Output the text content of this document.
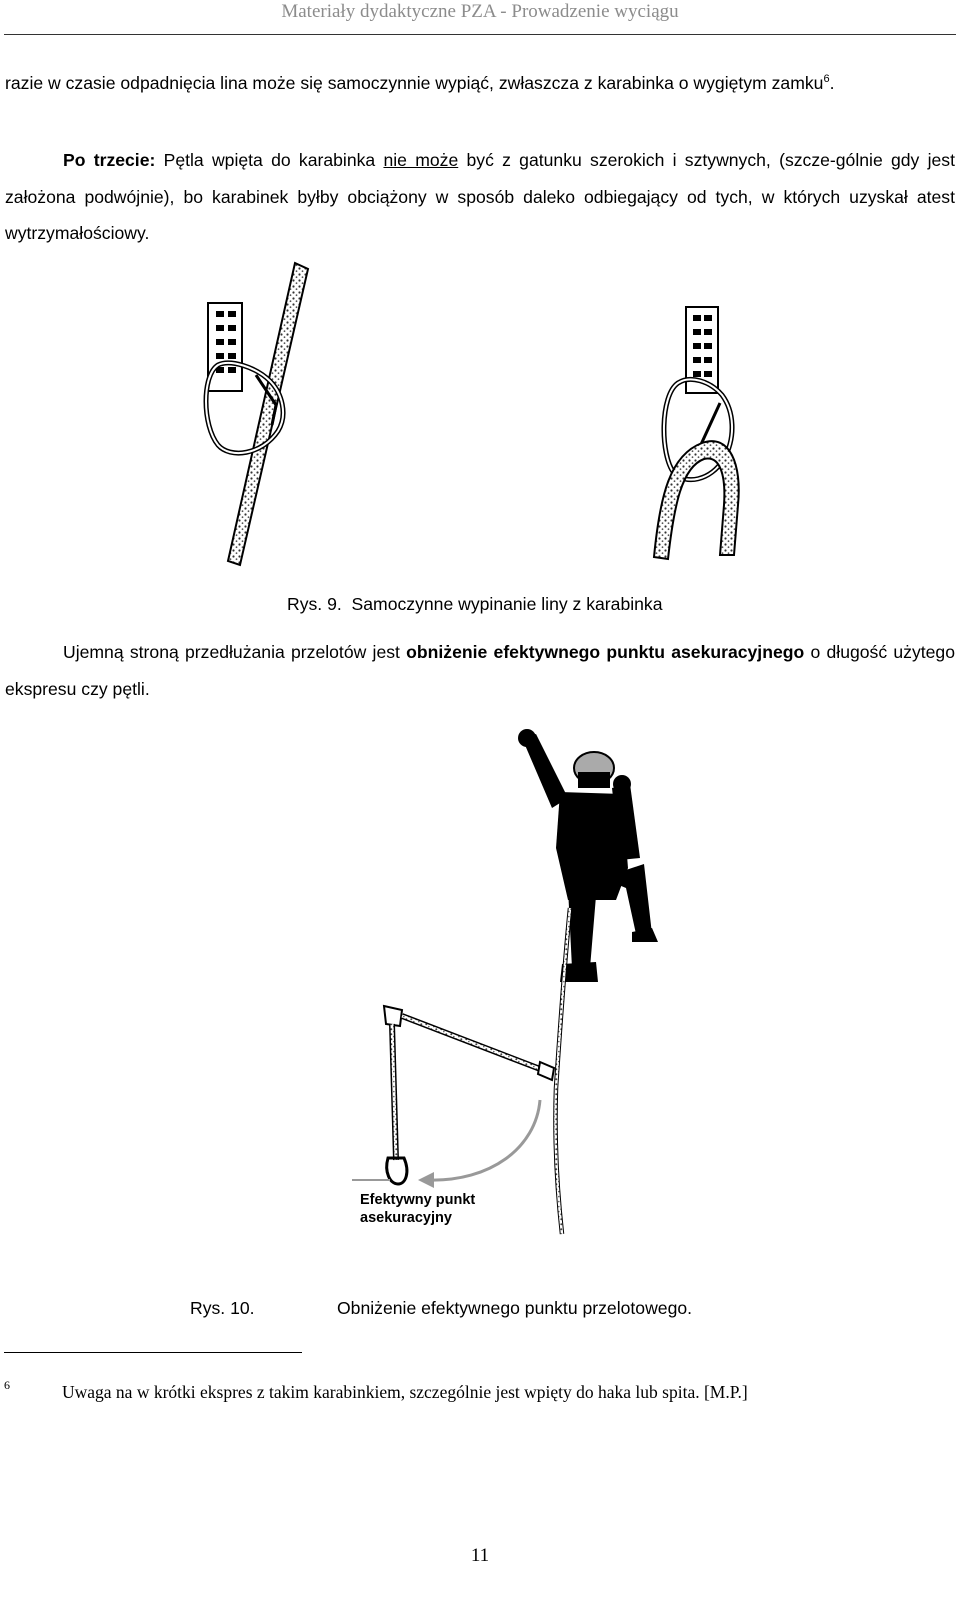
Materiały dydaktyczne PZA - Prowadzenie wyciągu

razie w czasie odpadnięcia lina może się samoczynnie wypiąć, zwłaszcza z karabinka o wygiętym zamku$^6$.

Po trzecie: Pętla wpięta do karabinka nie może być z gatunku szerokich i sztywnych, (szcze-gólnie gdy jest założona podwójnie), bo karabinek byłby obciążony w sposób daleko odbiegający od tych, w których uzyskał atest wytrzymałościowy.

Rys. 9. Samoczynne wypinanie liny z karabinka

Ujemną stroną przedłużania przelotów jest obniżenie efektywnego punktu asekuracyjnego o długość użytego ekspresu czy pętli.

Efektywny punkt
asekuracyjny
Rys. 10.	Obniżenie efektywnego punktu przelotowego.
6	Uwaga na w krótki ekspres z takim karabinkiem, szczególnie jest wpięty do haka lub spita. [M.P.]
11
